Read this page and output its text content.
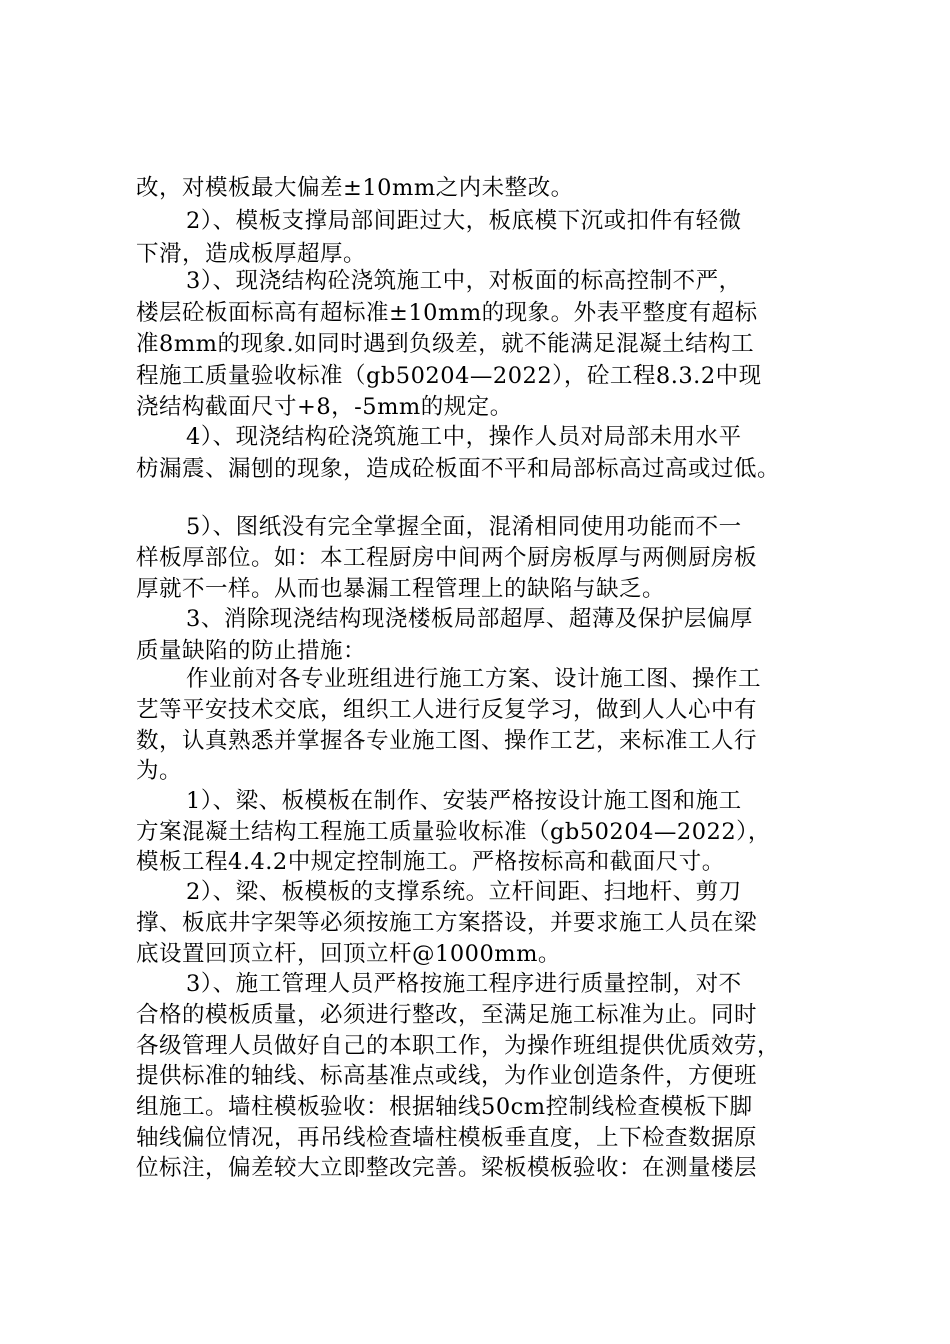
改，对模板最大偏差±10mm之内未整改。
2）、模板支撑局部间距过大，板底模下沉或扣件有轻微
下滑，造成板厚超厚。
3）、现浇结构砼浇筑施工中，对板面的标高控制不严，
楼层砼板面标高有超标准±10mm的现象。外表平整度有超标
准8mm的现象.如同时遇到负级差，就不能满足混凝土结构工
程施工质量验收标准（gb50204—2022），砼工程8.3.2中现
浇结构截面尺寸+8，-5mm的规定。
4）、现浇结构砼浇筑施工中，操作人员对局部未用水平
枋漏震、漏刨的现象，造成砼板面不平和局部标高过高或过低。
5）、图纸没有完全掌握全面，混淆相同使用功能而不一
样板厚部位。如：本工程厨房中间两个厨房板厚与两侧厨房板
厚就不一样。从而也暴漏工程管理上的缺陷与缺乏。
3、消除现浇结构现浇楼板局部超厚、超薄及保护层偏厚
质量缺陷的防止措施：
作业前对各专业班组进行施工方案、设计施工图、操作工
艺等平安技术交底，组织工人进行反复学习，做到人人心中有
数，认真熟悉并掌握各专业施工图、操作工艺，来标准工人行
为。
1）、梁、板模板在制作、安装严格按设计施工图和施工
方案混凝土结构工程施工质量验收标准（gb50204—2022），
模板工程4.4.2中规定控制施工。严格按标高和截面尺寸。
2）、梁、板模板的支撑系统。立杆间距、扫地杆、剪刀
撑、板底井字架等必须按施工方案搭设，并要求施工人员在梁
底设置回顶立杆，回顶立杆@1000mm。
3）、施工管理人员严格按施工程序进行质量控制，对不
合格的模板质量，必须进行整改，至满足施工标准为止。同时
各级管理人员做好自己的本职工作，为操作班组提供优质效劳，
提供标准的轴线、标高基准点或线，为作业创造条件，方便班
组施工。墙柱模板验收：根据轴线50cm控制线检查模板下脚
轴线偏位情况，再吊线检查墙柱模板垂直度，上下检查数据原
位标注，偏差较大立即整改完善。梁板模板验收：在测量楼层
